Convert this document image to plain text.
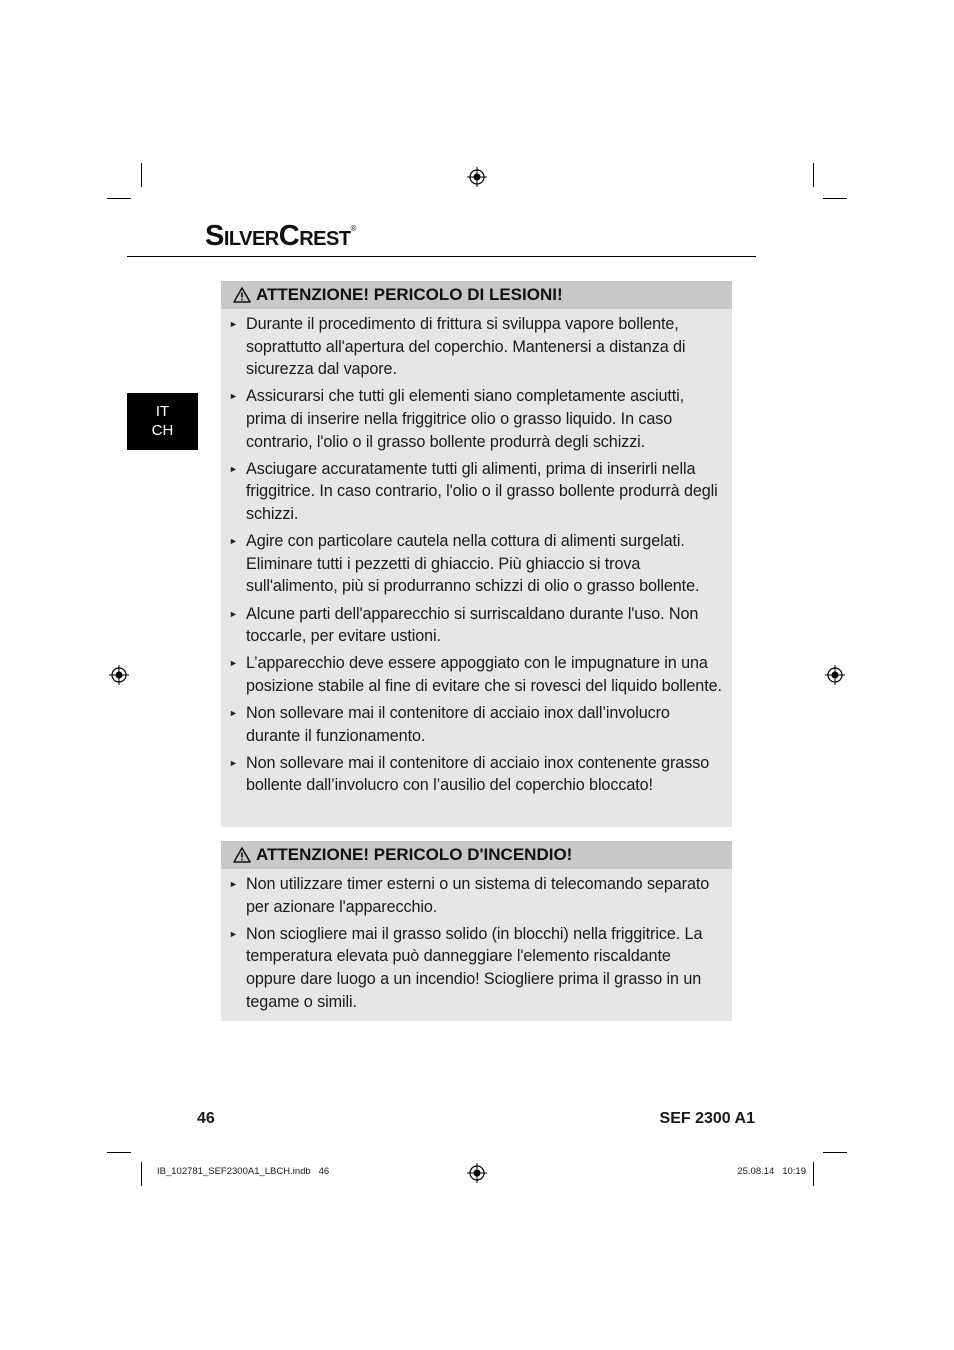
SilverCrest®
IT
CH
ATTENZIONE! PERICOLO DI LESIONI!
► Durante il procedimento di frittura si sviluppa vapore bollente, soprattutto all'apertura del coperchio. Mantenersi a distanza di sicurezza dal vapore.
► Assicurarsi che tutti gli elementi siano completamente asciutti, prima di inserire nella friggitrice olio o grasso liquido. In caso contrario, l'olio o il grasso bollente produrrà degli schizzi.
► Asciugare accuratamente tutti gli alimenti, prima di inserirli nella friggitrice. In caso contrario, l'olio o il grasso bollente produrrà degli schizzi.
► Agire con particolare cautela nella cottura di alimenti surgelati. Eliminare tutti i pezzetti di ghiaccio. Più ghiaccio si trova sull'alimento, più si produrranno schizzi di olio o grasso bollente.
► Alcune parti dell'apparecchio si surriscaldano durante l'uso. Non toccarle, per evitare ustioni.
► L’apparecchio deve essere appoggiato con le impugnature in una posizione stabile al fine di evitare che si rovesci del liquido bollente.
► Non sollevare mai il contenitore di acciaio inox dall’involucro durante il funzionamento.
► Non sollevare mai il contenitore di acciaio inox contenente grasso bollente dall’involucro con l’ausilio del coperchio bloccato!
ATTENZIONE! PERICOLO D'INCENDIO!
► Non utilizzare timer esterni o un sistema di telecomando separato per azionare l'apparecchio.
► Non sciogliere mai il grasso solido (in blocchi) nella friggitrice. La temperatura elevata può danneggiare l'elemento riscaldante oppure dare luogo a un incendio! Sciogliere prima il grasso in un tegame o simili.
46	SEF 2300 A1
IB_102781_SEF2300A1_LBCH.indb   46	25.08.14   10:19
